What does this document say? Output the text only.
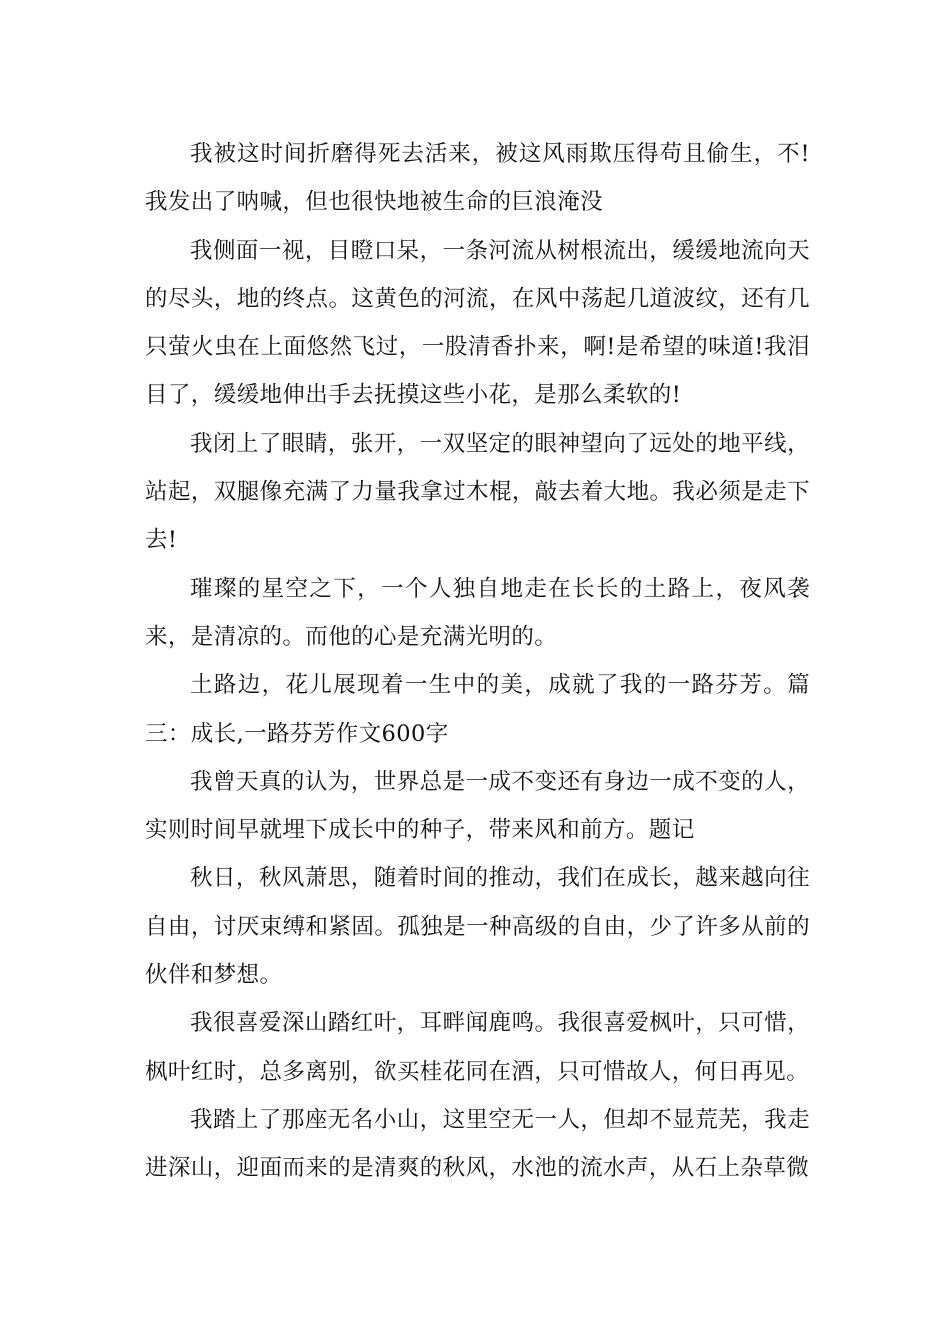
我被这时间折磨得死去活来，被这风雨欺压得苟且偷生，不!我发出了呐喊，但也很快地被生命的巨浪淹没

我侧面一视，目瞪口呆，一条河流从树根流出，缓缓地流向天的尽头，地的终点。这黄色的河流，在风中荡起几道波纹，还有几只萤火虫在上面悠然飞过，一股清香扑来，啊!是希望的味道!我泪目了，缓缓地伸出手去抚摸这些小花，是那么柔软的!

我闭上了眼睛，张开，一双坚定的眼神望向了远处的地平线，站起，双腿像充满了力量我拿过木棍，敲去着大地。我必须是走下去!

璀璨的星空之下，一个人独自地走在长长的土路上，夜风袭来，是清凉的。而他的心是充满光明的。

土路边，花儿展现着一生中的美，成就了我的一路芬芳。篇三：成长,一路芬芳作文600字

我曾天真的认为，世界总是一成不变还有身边一成不变的人，实则时间早就埋下成长中的种子，带来风和前方。题记

秋日，秋风萧思，随着时间的推动，我们在成长，越来越向往自由，讨厌束缚和紧固。孤独是一种高级的自由，少了许多从前的伙伴和梦想。

我很喜爱深山踏红叶，耳畔闻鹿鸣。我很喜爱枫叶，只可惜，枫叶红时，总多离别，欲买桂花同在酒，只可惜故人，何日再见。

我踏上了那座无名小山，这里空无一人，但却不显荒芜，我走进深山，迎面而来的是清爽的秋风，水池的流水声，从石上杂草微
